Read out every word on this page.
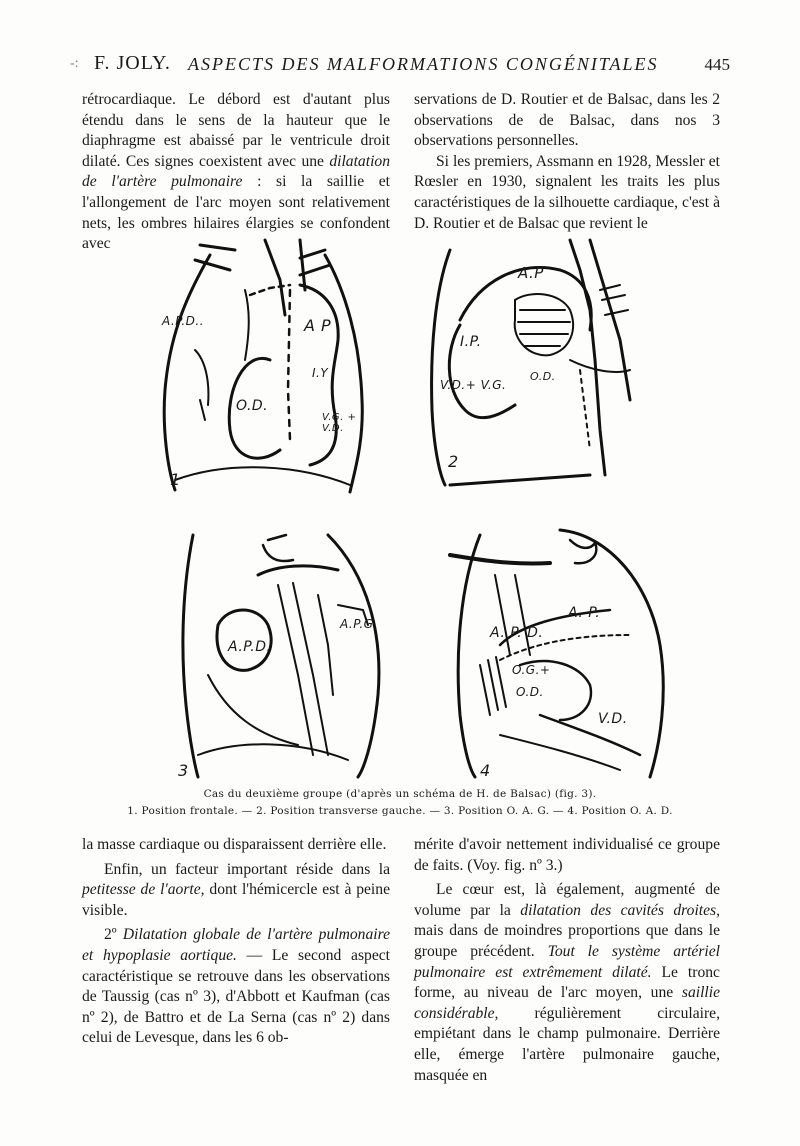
-: F. JOLY. ASPECTS DES MALFORMATIONS CONGÉNITALES	445

rétrocardiaque. Le débord est d'autant plus étendu dans le sens de la hauteur que le diaphragme est abaissé par le ventricule droit dilaté. Ces signes coexistent avec une dilatation de l'artère pulmonaire : si la saillie et l'allongement de l'arc moyen sont relativement nets, les ombres hilaires élargies se confondent avec

servations de D. Routier et de Balsac, dans les 2 observations de de Balsac, dans nos 3 observations personnelles.

Si les premiers, Assmann en 1928, Messler et Rœsler en 1930, signalent les traits les plus caractéristiques de la silhouette cardiaque, c'est à D. Routier et de Balsac que revient le

A.P.D..	A P
I.Y
O.D.
V.G. + V.D.
1
A.P
I.P.
V.D.+ V.G.
O.D.
2
A.P.G.
A.P.D.
3
A. P.
A. P. D.
O.G.+
O.D.
V.D.
4
Cas du deuxième groupe (d'après un schéma de H. de Balsac) (fig. 3).
1. Position frontale. — 2. Position transverse gauche. — 3. Position O. A. G. — 4. Position O. A. D.

la masse cardiaque ou disparaissent derrière elle.

Enfin, un facteur important réside dans la petitesse de l'aorte, dont l'hémicercle est à peine visible.

2º Dilatation globale de l'artère pulmonaire et hypoplasie aortique. — Le second aspect caractéristique se retrouve dans les observations de Taussig (cas nº 3), d'Abbott et Kaufman (cas nº 2), de Battro et de La Serna (cas nº 2) dans celui de Levesque, dans les 6 ob-

mérite d'avoir nettement individualisé ce groupe de faits. (Voy. fig. nº 3.)

Le cœur est, là également, augmenté de volume par la dilatation des cavités droites, mais dans de moindres proportions que dans le groupe précédent. Tout le système artériel pulmonaire est extrêmement dilaté. Le tronc forme, au niveau de l'arc moyen, une saillie considérable, régulièrement circulaire, empiétant dans le champ pulmonaire. Derrière elle, émerge l'artère pulmonaire gauche, masquée en
